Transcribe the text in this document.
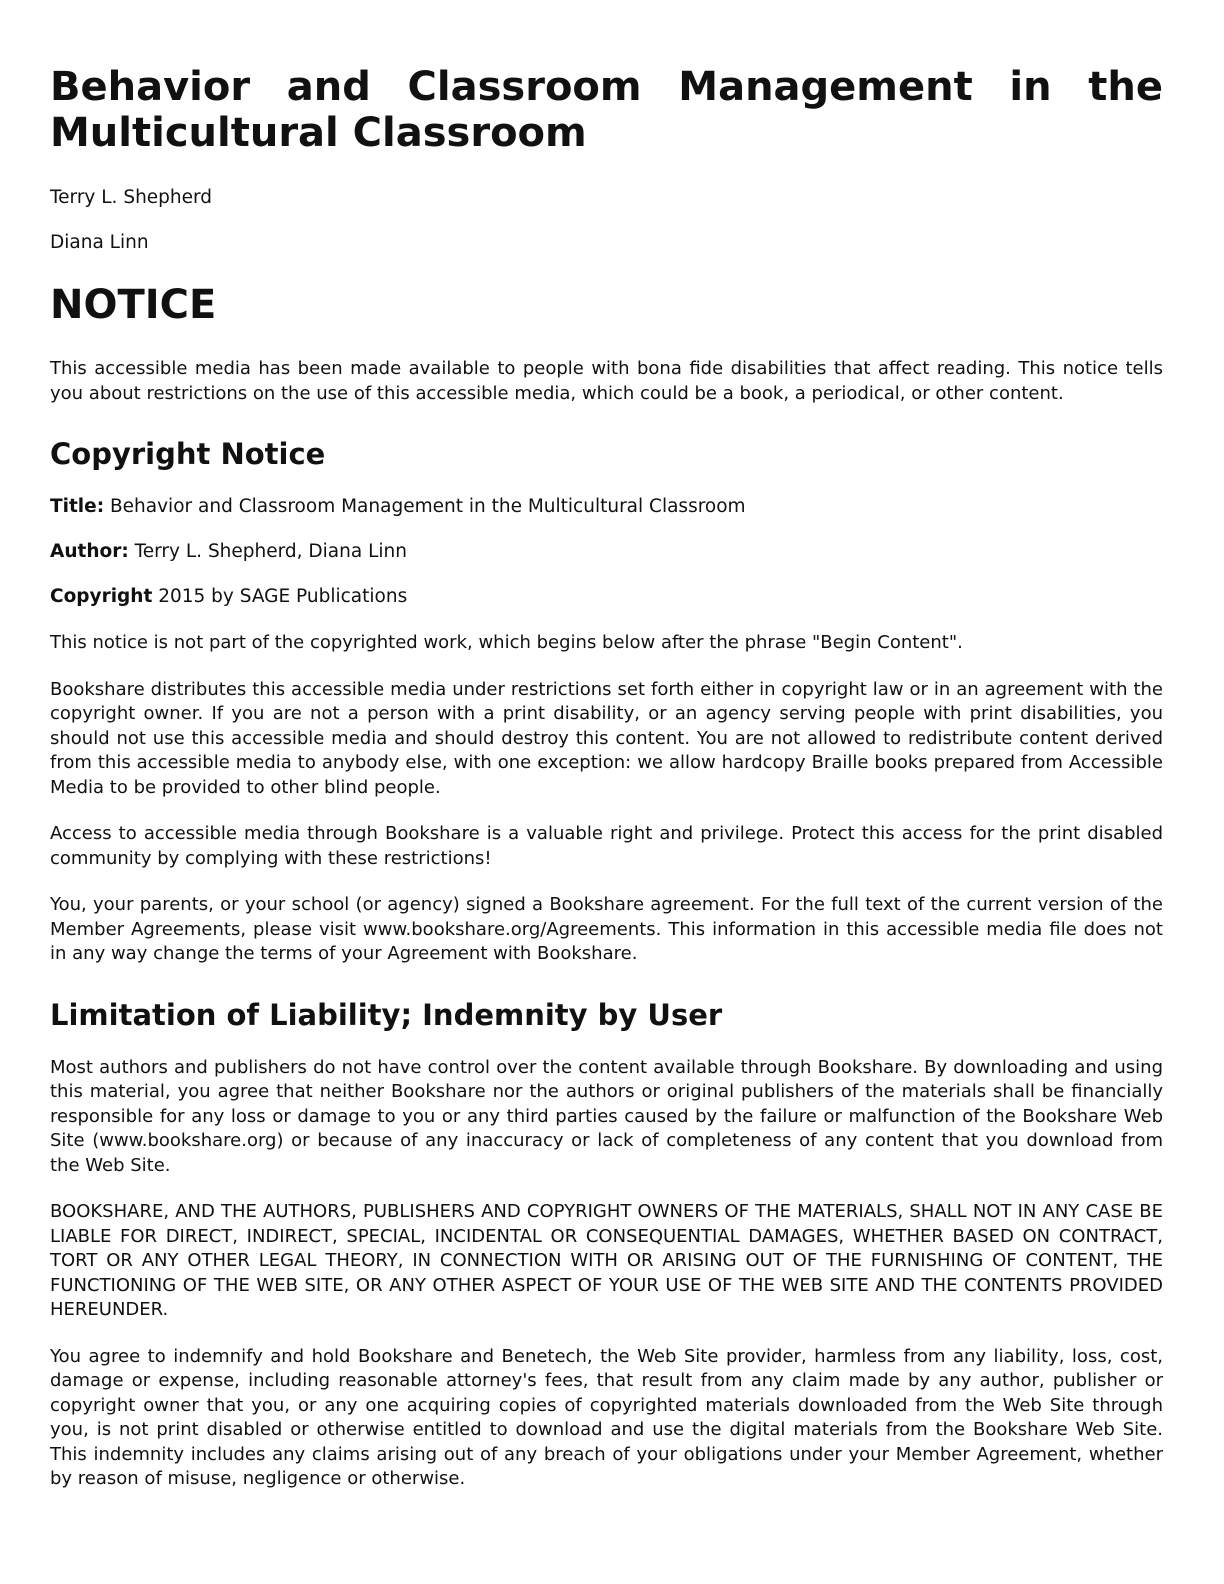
Behavior and Classroom Management in the Multicultural Classroom

Terry L. Shepherd

Diana Linn

NOTICE

This accessible media has been made available to people with bona fide disabilities that affect reading. This notice tells you about restrictions on the use of this accessible media, which could be a book, a periodical, or other content.

Copyright Notice

Title: Behavior and Classroom Management in the Multicultural Classroom

Author: Terry L. Shepherd, Diana Linn

Copyright 2015 by SAGE Publications

This notice is not part of the copyrighted work, which begins below after the phrase "Begin Content".

Bookshare distributes this accessible media under restrictions set forth either in copyright law or in an agreement with the copyright owner. If you are not a person with a print disability, or an agency serving people with print disabilities, you should not use this accessible media and should destroy this content. You are not allowed to redistribute content derived from this accessible media to anybody else, with one exception: we allow hardcopy Braille books prepared from Accessible Media to be provided to other blind people.

Access to accessible media through Bookshare is a valuable right and privilege. Protect this access for the print disabled community by complying with these restrictions!

You, your parents, or your school (or agency) signed a Bookshare agreement. For the full text of the current version of the Member Agreements, please visit www.bookshare.org/Agreements. This information in this accessible media file does not in any way change the terms of your Agreement with Bookshare.

Limitation of Liability; Indemnity by User

Most authors and publishers do not have control over the content available through Bookshare. By downloading and using this material, you agree that neither Bookshare nor the authors or original publishers of the materials shall be financially responsible for any loss or damage to you or any third parties caused by the failure or malfunction of the Bookshare Web Site (www.bookshare.org) or because of any inaccuracy or lack of completeness of any content that you download from the Web Site.

BOOKSHARE, AND THE AUTHORS, PUBLISHERS AND COPYRIGHT OWNERS OF THE MATERIALS, SHALL NOT IN ANY CASE BE LIABLE FOR DIRECT, INDIRECT, SPECIAL, INCIDENTAL OR CONSEQUENTIAL DAMAGES, WHETHER BASED ON CONTRACT, TORT OR ANY OTHER LEGAL THEORY, IN CONNECTION WITH OR ARISING OUT OF THE FURNISHING OF CONTENT, THE FUNCTIONING OF THE WEB SITE, OR ANY OTHER ASPECT OF YOUR USE OF THE WEB SITE AND THE CONTENTS PROVIDED HEREUNDER.

You agree to indemnify and hold Bookshare and Benetech, the Web Site provider, harmless from any liability, loss, cost, damage or expense, including reasonable attorney's fees, that result from any claim made by any author, publisher or copyright owner that you, or any one acquiring copies of copyrighted materials downloaded from the Web Site through you, is not print disabled or otherwise entitled to download and use the digital materials from the Bookshare Web Site. This indemnity includes any claims arising out of any breach of your obligations under your Member Agreement, whether by reason of misuse, negligence or otherwise.
